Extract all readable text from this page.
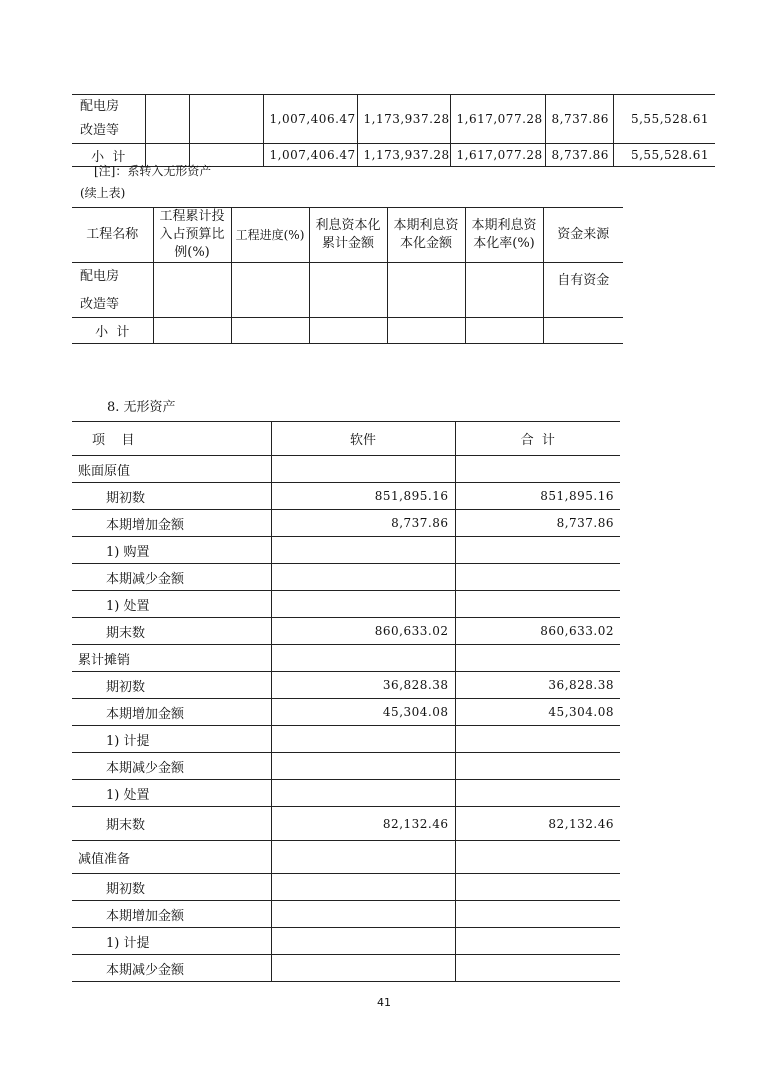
配电房
改造等			1,007,406.47	1,173,937.28	1,617,077.28	8,737.86	5,55,528.61
小  计			1,007,406.47	1,173,937.28	1,617,077.28	8,737.86	5,55,528.61
[注]：系转入无形资产
(续上表)
工程名称	工程累计投入占预算比例(%)	工程进度(%)	利息资本化累计金额	本期利息资本化金额	本期利息资本化率(%)	资金来源

配电房
改造等						自有资金
小  计						
8. 无形资产
项    目	软件	合  计
账面原值		
期初数	851,895.16	851,895.16
本期增加金额	8,737.86	8,737.86
1) 购置		
本期减少金额		
1) 处置		
期末数	860,633.02	860,633.02
累计摊销		
期初数	36,828.38	36,828.38
本期增加金额	45,304.08	45,304.08
1) 计提		
本期减少金额		
1) 处置		
期末数	82,132.46	82,132.46
减值准备		
期初数		
本期增加金额		
1) 计提		
本期减少金额		
41
